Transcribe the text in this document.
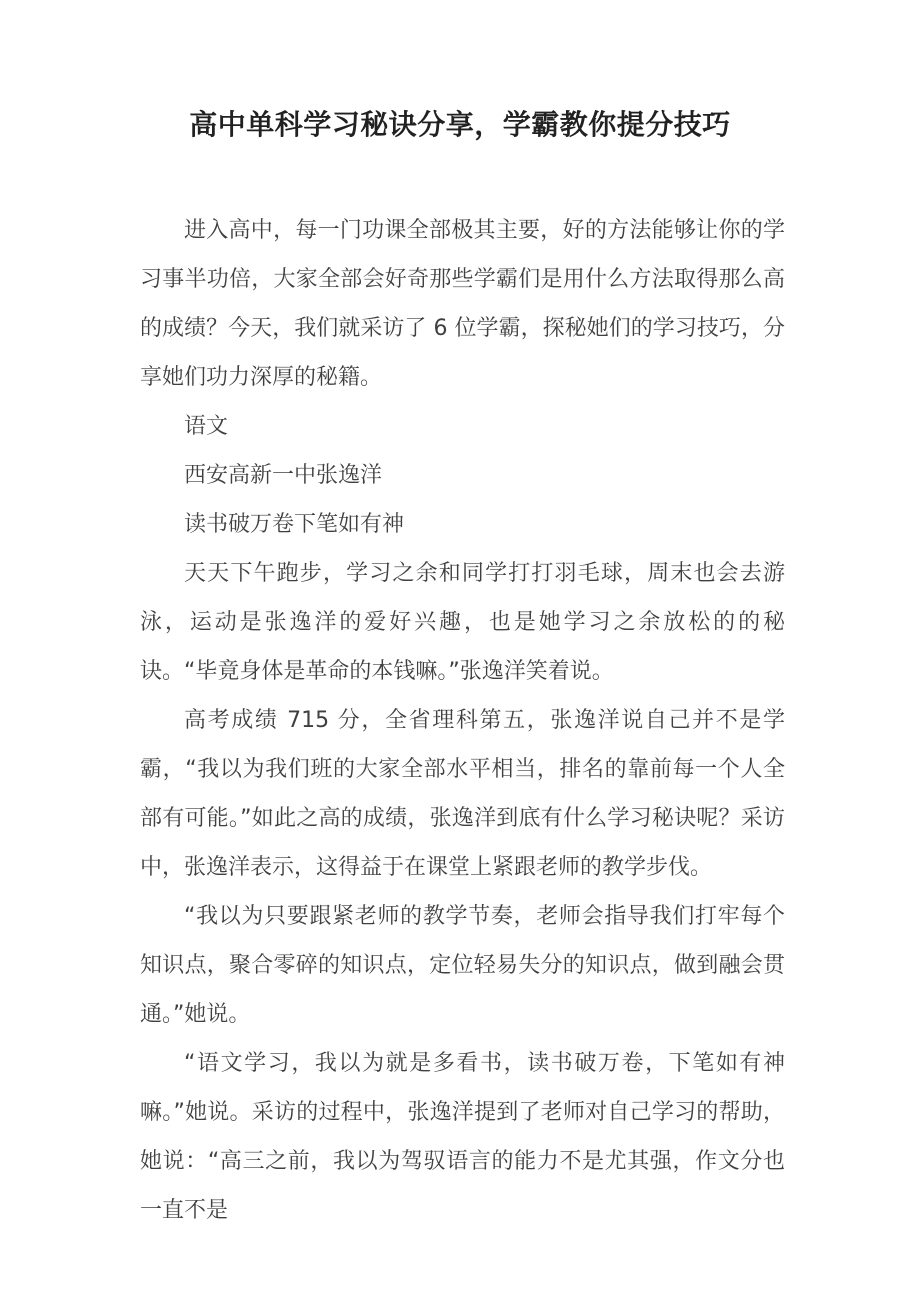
高中单科学习秘诀分享，学霸教你提分技巧

进入高中，每一门功课全部极其主要，好的方法能够让你的学习事半功倍，大家全部会好奇那些学霸们是用什么方法取得那么高的成绩？今天，我们就采访了 6 位学霸，探秘她们的学习技巧，分享她们功力深厚的秘籍。

语文

西安高新一中张逸洋

读书破万卷下笔如有神

天天下午跑步，学习之余和同学打打羽毛球，周末也会去游泳，运动是张逸洋的爱好兴趣，也是她学习之余放松的的秘诀。“毕竟身体是革命的本钱嘛。”张逸洋笑着说。

高考成绩 715 分，全省理科第五，张逸洋说自己并不是学霸，“我以为我们班的大家全部水平相当，排名的靠前每一个人全部有可能。”如此之高的成绩，张逸洋到底有什么学习秘诀呢？采访中，张逸洋表示，这得益于在课堂上紧跟老师的教学步伐。

“我以为只要跟紧老师的教学节奏，老师会指导我们打牢每个知识点，聚合零碎的知识点，定位轻易失分的知识点，做到融会贯通。”她说。

“语文学习，我以为就是多看书，读书破万卷，下笔如有神嘛。”她说。采访的过程中，张逸洋提到了老师对自己学习的帮助，她说：“高三之前，我以为驾驭语言的能力不是尤其强，作文分也一直不是
